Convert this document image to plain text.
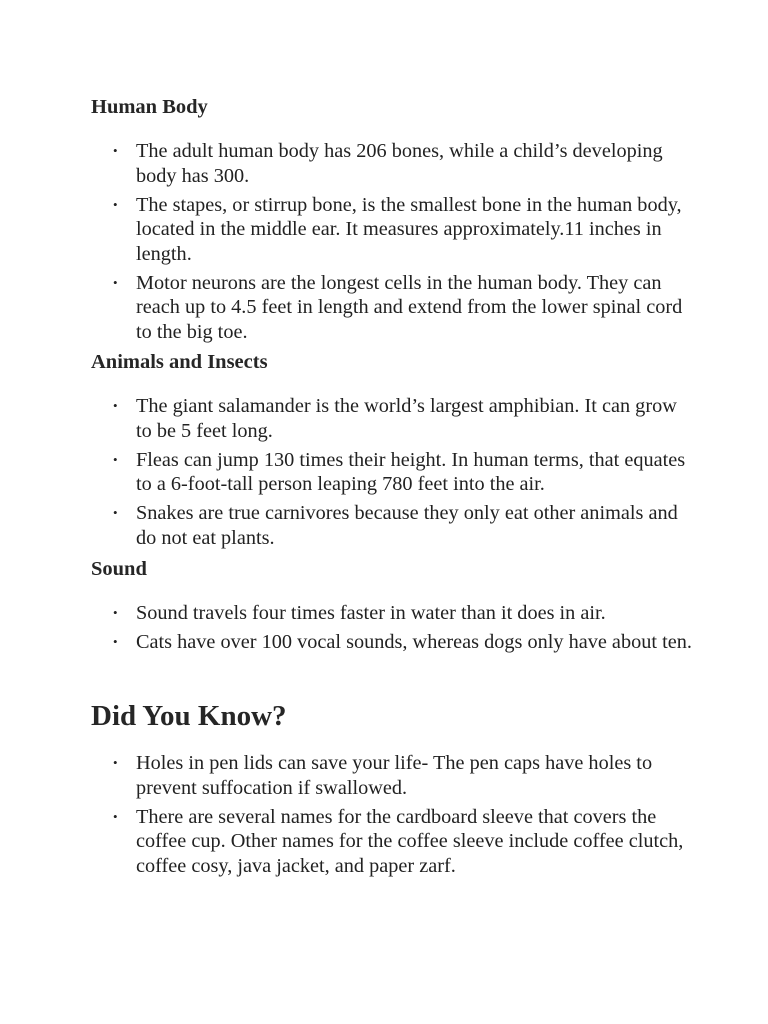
Human Body
• The adult human body has 206 bones, while a child’s developing body has 300.
• The stapes, or stirrup bone, is the smallest bone in the human body, located in the middle ear. It measures approximately.11 inches in length.
• Motor neurons are the longest cells in the human body. They can reach up to 4.5 feet in length and extend from the lower spinal cord to the big toe.
Animals and Insects
• The giant salamander is the world’s largest amphibian. It can grow to be 5 feet long.
• Fleas can jump 130 times their height. In human terms, that equates to a 6-foot-tall person leaping 780 feet into the air.
• Snakes are true carnivores because they only eat other animals and do not eat plants.
Sound
• Sound travels four times faster in water than it does in air.
• Cats have over 100 vocal sounds, whereas dogs only have about ten.
Did You Know?
• Holes in pen lids can save your life- The pen caps have holes to prevent suffocation if swallowed.
• There are several names for the cardboard sleeve that covers the coffee cup. Other names for the coffee sleeve include coffee clutch, coffee cosy, java jacket, and paper zarf.
